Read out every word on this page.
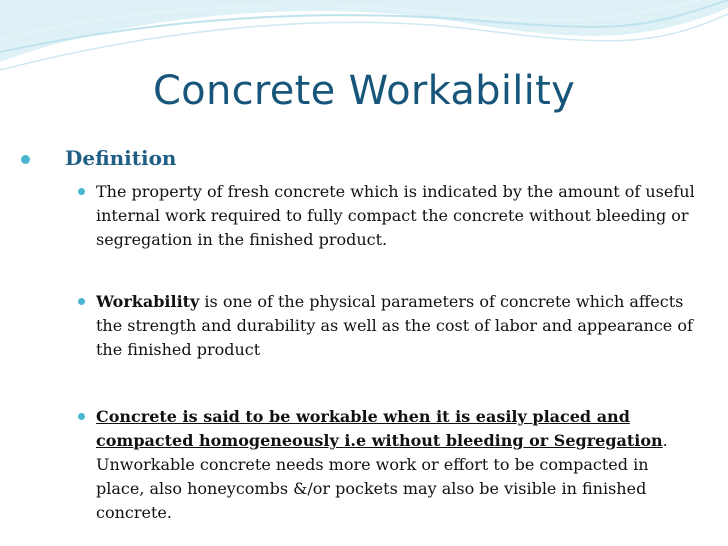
Concrete Workability
Definition
The property of fresh concrete which is indicated by the amount of useful internal work required to fully compact the concrete without bleeding or segregation in the finished product.
Workability is one of the physical parameters of concrete which affects the strength and durability as well as the cost of labor and appearance of the finished product
Concrete is said to be workable when it is easily placed and compacted homogeneously i.e without bleeding or Segregation. Unworkable concrete needs more work or effort to be compacted in place, also honeycombs &/or pockets may also be visible in finished concrete.
